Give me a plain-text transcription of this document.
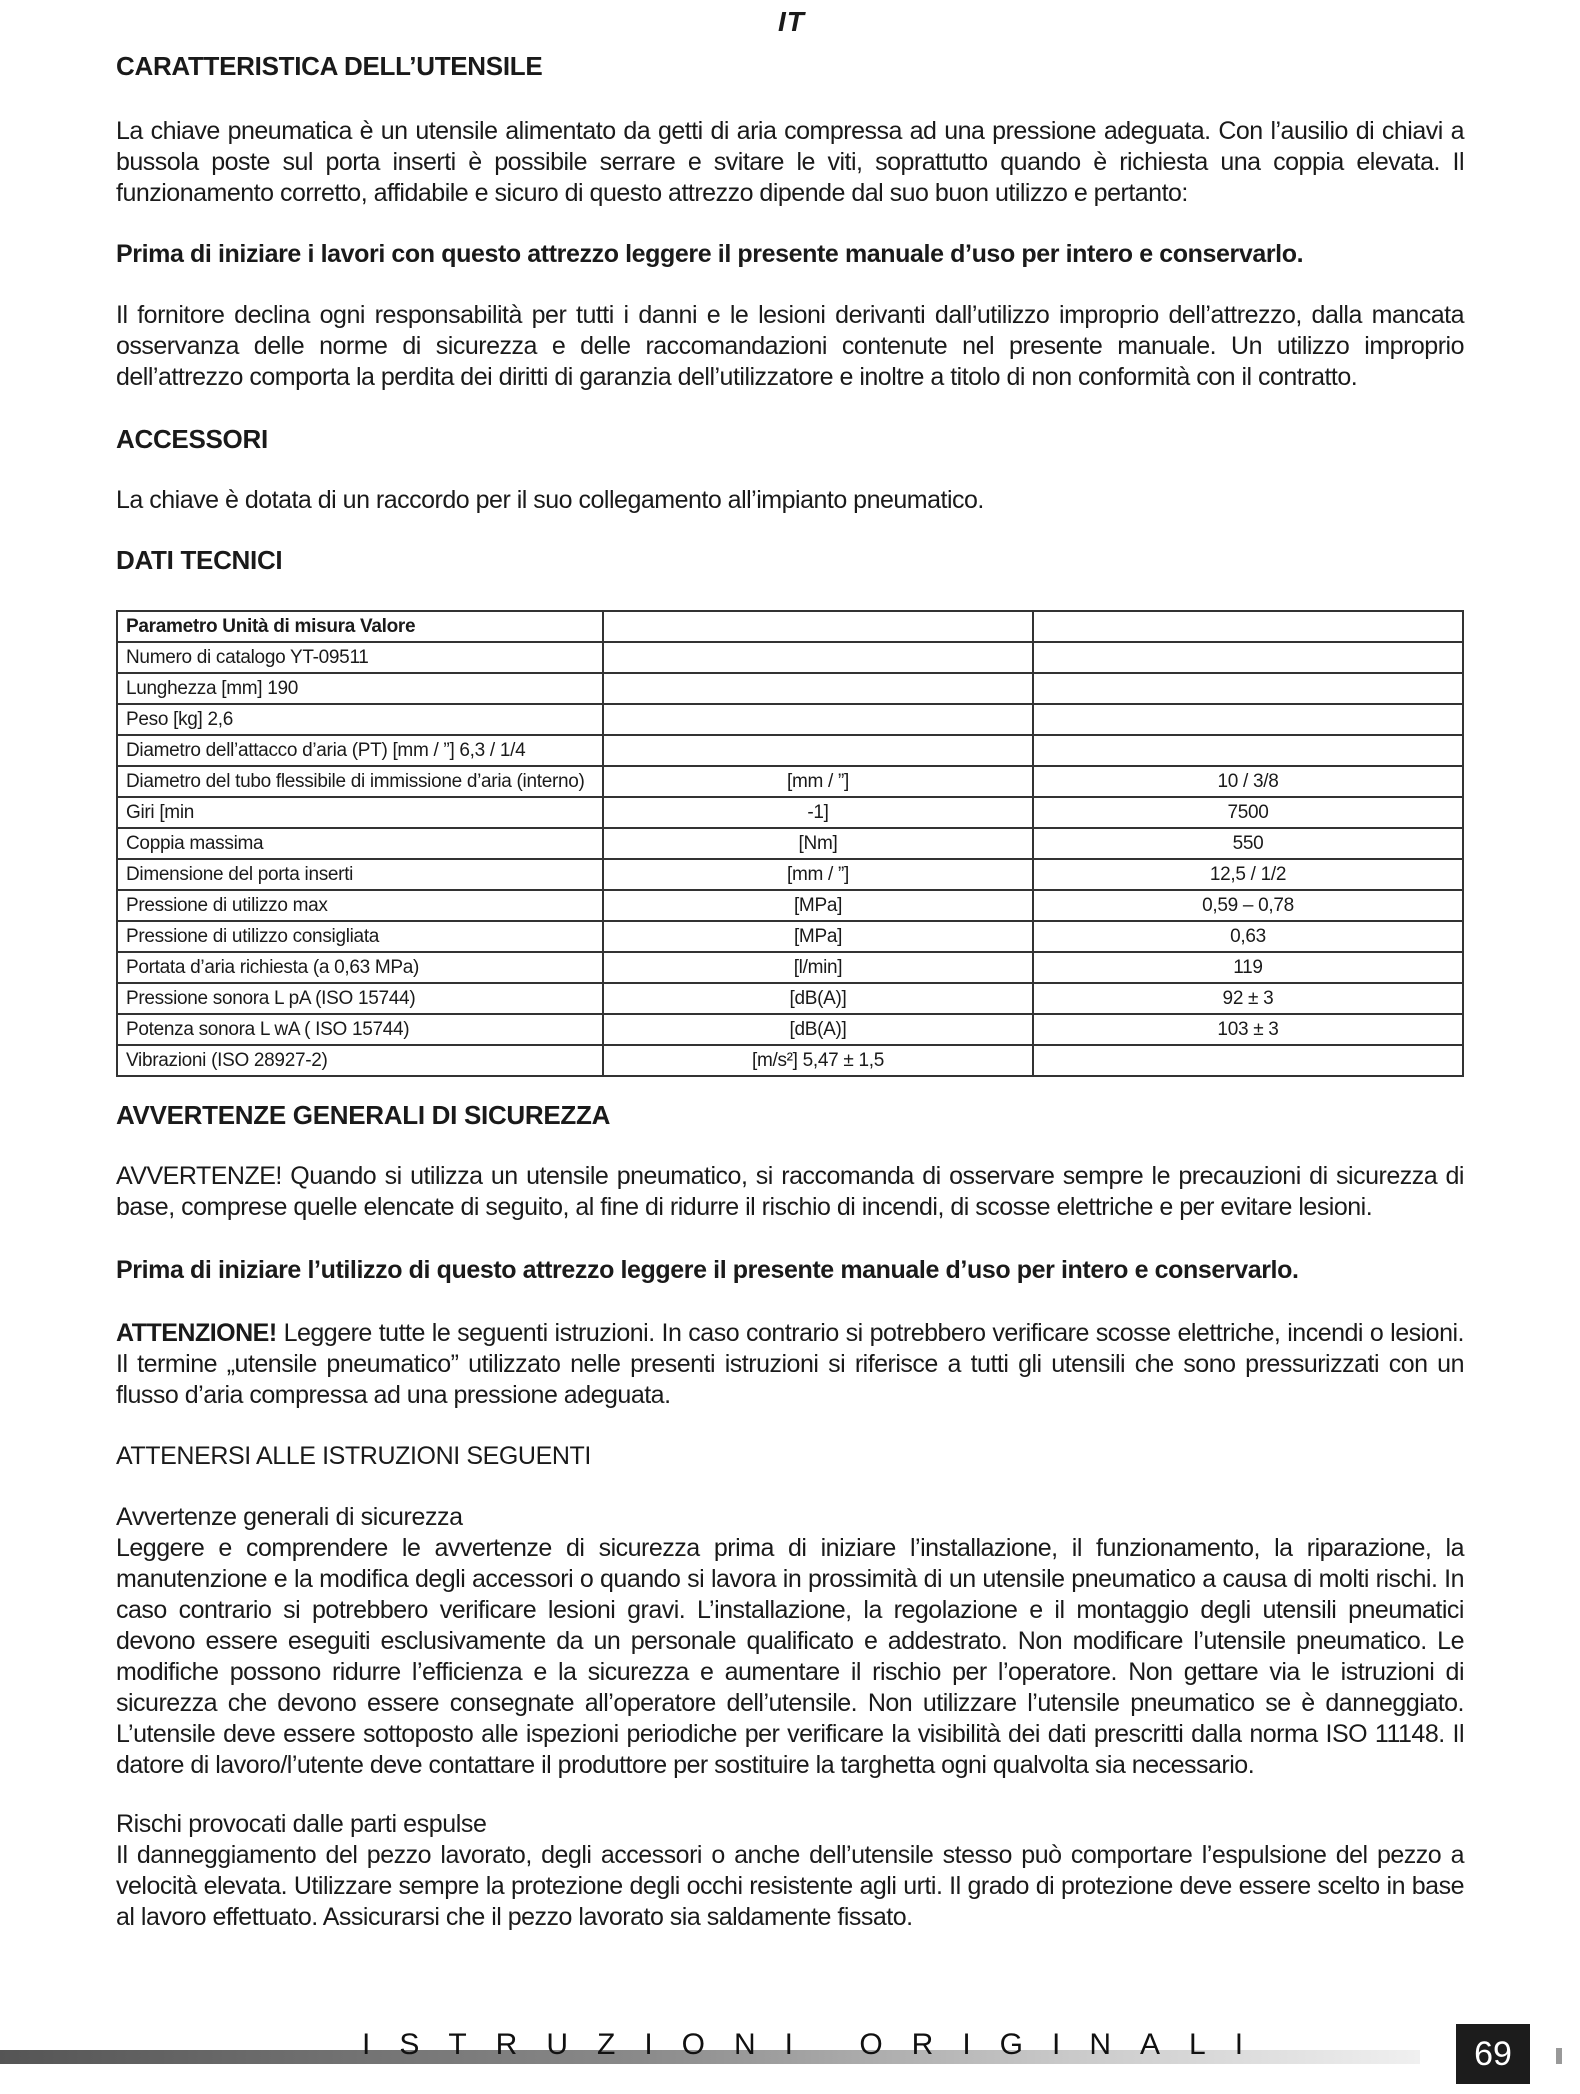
IT
CARATTERISTICA DELL’UTENSILE
La chiave pneumatica è un utensile alimentato da getti di aria compressa ad una pressione adeguata. Con l’ausilio di chiavi a bussola poste sul porta inserti è possibile serrare e svitare le viti, soprattutto quando è richiesta una coppia elevata. Il funzionamento corretto, affidabile e sicuro di questo attrezzo dipende dal suo buon utilizzo e pertanto:
Prima di iniziare i lavori con questo attrezzo leggere il presente manuale d’uso per intero e conservarlo.
Il fornitore declina ogni responsabilità per tutti i danni e le lesioni derivanti dall’utilizzo improprio dell’attrezzo, dalla mancata osservanza delle norme di sicurezza e delle raccomandazioni contenute nel presente manuale. Un utilizzo improprio dell’attrezzo comporta la perdita dei diritti di garanzia dell’utilizzatore e inoltre a titolo di non conformità con il contratto.
ACCESSORI
La chiave è dotata di un raccordo per il suo collegamento all’impianto pneumatico.
DATI TECNICI
Parametro Unità di misura Valore		
Numero di catalogo YT-09511		
Lunghezza [mm] 190		
Peso [kg] 2,6		
Diametro dell’attacco d’aria (PT) [mm / ”] 6,3 / 1/4		
Diametro del tubo flessibile di immissione d’aria (interno)	[mm / ”]	10 / 3/8
Giri [min	-1]	7500
Coppia massima	[Nm]	550
Dimensione del porta inserti	[mm / ”]	12,5 / 1/2
Pressione di utilizzo max	[MPa]	0,59 – 0,78
Pressione di utilizzo consigliata	[MPa]	0,63
Portata d’aria richiesta (a 0,63 MPa)	[l/min]	119
Pressione sonora L pA (ISO 15744)	[dB(A)]	92 ± 3
Potenza sonora L wA ( ISO 15744)	[dB(A)]	103 ± 3
Vibrazioni (ISO 28927-2)	[m/s²] 5,47 ± 1,5	
AVVERTENZE GENERALI DI SICUREZZA
AVVERTENZE! Quando si utilizza un utensile pneumatico, si raccomanda di osservare sempre le precauzioni di sicurezza di base, comprese quelle elencate di seguito, al fine di ridurre il rischio di incendi, di scosse elettriche e per evitare lesioni.
Prima di iniziare l’utilizzo di questo attrezzo leggere il presente manuale d’uso per intero e conservarlo.
ATTENZIONE! Leggere tutte le seguenti istruzioni. In caso contrario si potrebbero verificare scosse elettriche, incendi o lesioni. Il termine „utensile pneumatico” utilizzato nelle presenti istruzioni si riferisce a tutti gli utensili che sono pressurizzati con un flusso d’aria compressa ad una pressione adeguata.
ATTENERSI ALLE ISTRUZIONI SEGUENTI
Avvertenze generali di sicurezza
Leggere e comprendere le avvertenze di sicurezza prima di iniziare l’installazione, il funzionamento, la riparazione, la manutenzione e la modifica degli accessori o quando si lavora in prossimità di un utensile pneumatico a causa di molti rischi. In caso contrario si potrebbero verificare lesioni gravi. L’installazione, la regolazione e il montaggio degli utensili pneumatici devono essere eseguiti esclusivamente da un personale qualificato e addestrato. Non modificare l’utensile pneumatico. Le modifiche possono ridurre l’efficienza e la sicurezza e aumentare il rischio per l’operatore. Non gettare via le istruzioni di sicurezza che devono essere consegnate all’operatore dell’utensile. Non utilizzare l’utensile pneumatico se è danneggiato. L’utensile deve essere sottoposto alle ispezioni periodiche per verificare la visibilità dei dati prescritti dalla norma ISO 11148. Il datore di lavoro/l’utente deve contattare il produttore per sostituire la targhetta ogni qualvolta sia necessario.
Rischi provocati dalle parti espulse
Il danneggiamento del pezzo lavorato, degli accessori o anche dell’utensile stesso può comportare l’espulsione del pezzo a velocità elevata. Utilizzare sempre la protezione degli occhi resistente agli urti. Il grado di protezione deve essere scelto in base al lavoro effettuato. Assicurarsi che il pezzo lavorato sia saldamente fissato.
ISTRUZIONI ORIGINALI	69
